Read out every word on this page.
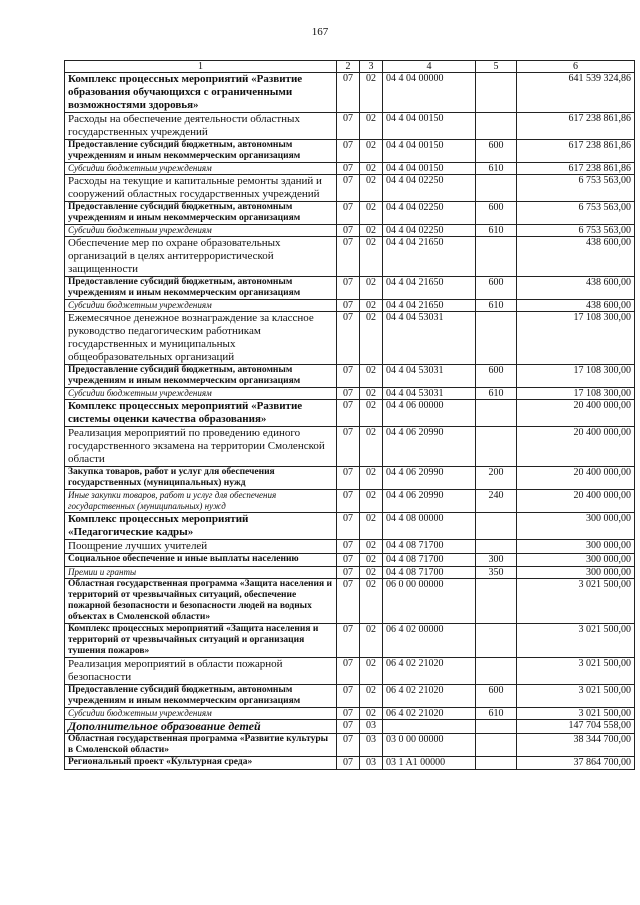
167
1	2	3	4	5	6
Комплекс процессных мероприятий «Развитие образования обучающихся с ограниченными возможностями здоровья»	07	02	04 4 04 00000		641 539 324,86
Расходы на обеспечение деятельности областных государственных учреждений	07	02	04 4 04 00150		617 238 861,86
Предоставление субсидий бюджетным, автономным учреждениям и иным некоммерческим организациям	07	02	04 4 04 00150	600	617 238 861,86
Субсидии бюджетным учреждениям	07	02	04 4 04 00150	610	617 238 861,86
Расходы на текущие и капитальные ремонты зданий и сооружений областных государственных учреждений	07	02	04 4 04 02250		6 753 563,00
Предоставление субсидий бюджетным, автономным учреждениям и иным некоммерческим организациям	07	02	04 4 04 02250	600	6 753 563,00
Субсидии бюджетным учреждениям	07	02	04 4 04 02250	610	6 753 563,00
Обеспечение мер по охране образовательных организаций в целях антитеррористической защищенности	07	02	04 4 04 21650		438 600,00
Предоставление субсидий бюджетным, автономным учреждениям и иным некоммерческим организациям	07	02	04 4 04 21650	600	438 600,00
Субсидии бюджетным учреждениям	07	02	04 4 04 21650	610	438 600,00
Ежемесячное денежное вознаграждение за классное руководство педагогическим работникам государственных и муниципальных общеобразовательных организаций	07	02	04 4 04 53031		17 108 300,00
Предоставление субсидий бюджетным, автономным учреждениям и иным некоммерческим организациям	07	02	04 4 04 53031	600	17 108 300,00
Субсидии бюджетным учреждениям	07	02	04 4 04 53031	610	17 108 300,00
Комплекс процессных мероприятий «Развитие системы оценки качества образования»	07	02	04 4 06 00000		20 400 000,00
Реализация мероприятий по проведению единого государственного экзамена на территории Смоленской области	07	02	04 4 06 20990		20 400 000,00
Закупка товаров, работ и услуг для обеспечения государственных (муниципальных) нужд	07	02	04 4 06 20990	200	20 400 000,00
Иные закупки товаров, работ и услуг для обеспечения государственных (муниципальных) нужд	07	02	04 4 06 20990	240	20 400 000,00
Комплекс процессных мероприятий «Педагогические кадры»	07	02	04 4 08 00000		300 000,00
Поощрение лучших учителей	07	02	04 4 08 71700		300 000,00
Социальное обеспечение и иные выплаты населению	07	02	04 4 08 71700	300	300 000,00
Премии и гранты	07	02	04 4 08 71700	350	300 000,00
Областная государственная программа «Защита населения и территорий от чрезвычайных ситуаций, обеспечение пожарной безопасности и безопасности людей на водных объектах в Смоленской области»	07	02	06 0 00 00000		3 021 500,00
Комплекс процессных мероприятий «Защита населения и территорий от чрезвычайных ситуаций и организация тушения пожаров»	07	02	06 4 02 00000		3 021 500,00
Реализация мероприятий в области пожарной безопасности	07	02	06 4 02 21020		3 021 500,00
Предоставление субсидий бюджетным, автономным учреждениям и иным некоммерческим организациям	07	02	06 4 02 21020	600	3 021 500,00
Субсидии бюджетным учреждениям	07	02	06 4 02 21020	610	3 021 500,00
Дополнительное образование детей	07	03			147 704 558,00
Областная государственная программа «Развитие культуры в Смоленской области»	07	03	03 0 00 00000		38 344 700,00
Региональный проект «Культурная среда»	07	03	03 1 A1 00000		37 864 700,00
